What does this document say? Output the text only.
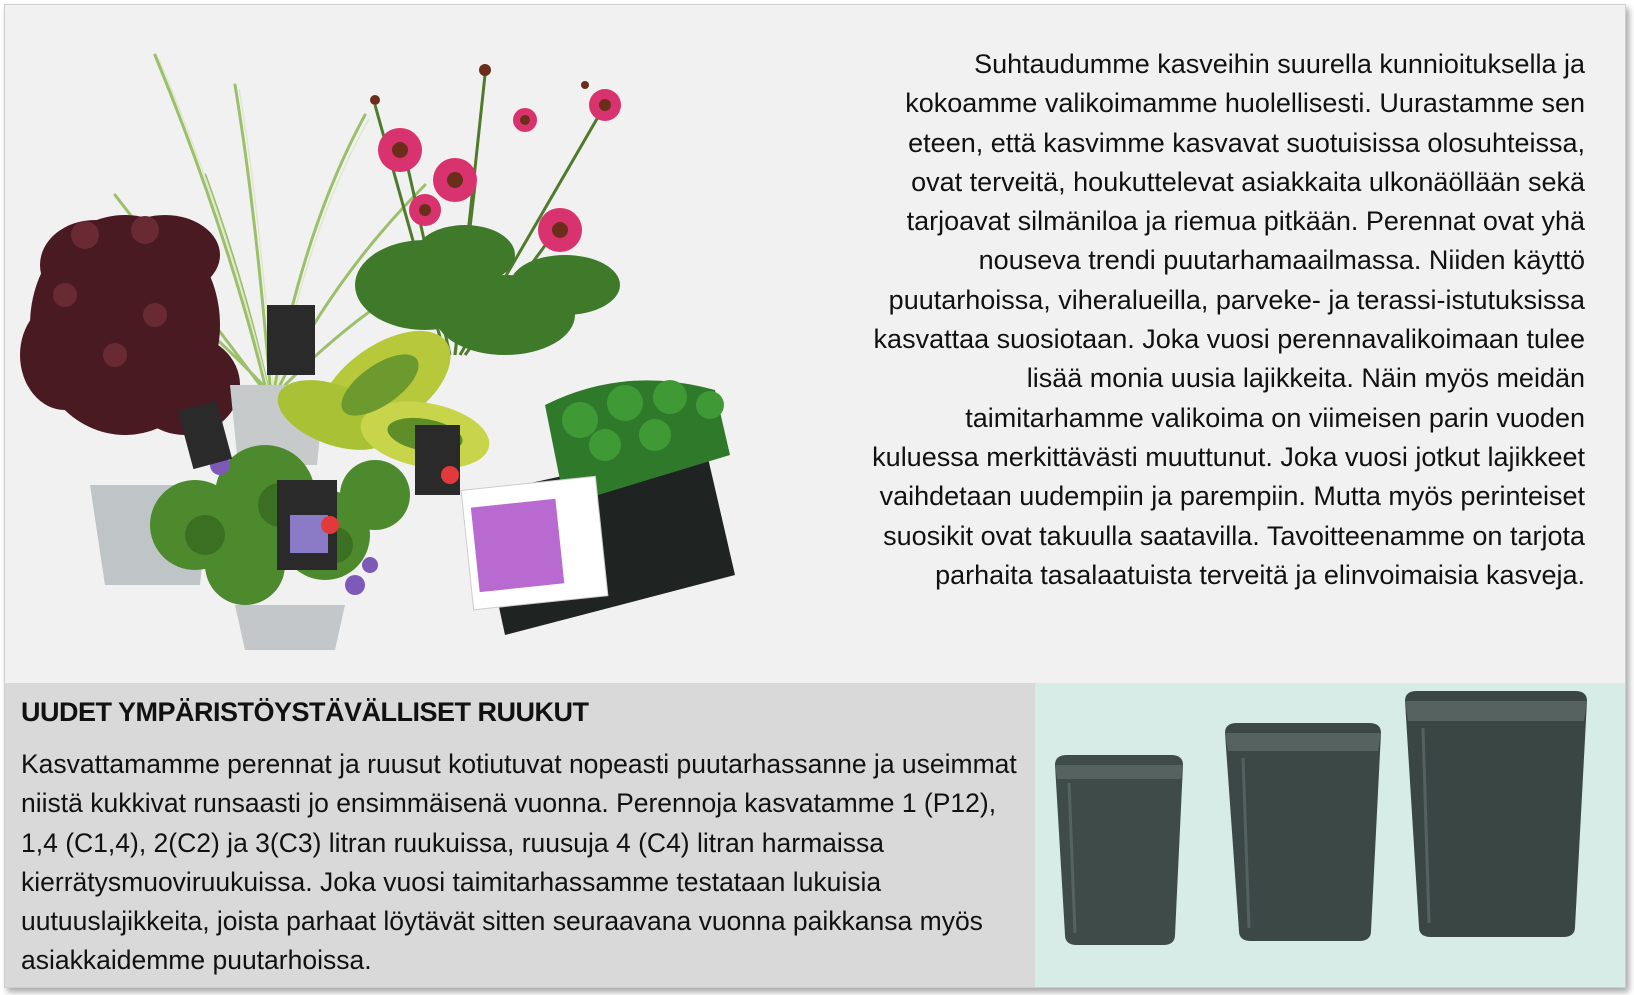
Suhtaudumme kasveihin suurella kunnioituksella ja kokoamme valikoimamme huolellisesti. Uurastamme sen eteen, että kasvimme kasvavat suotuisissa olosuhteissa, ovat terveitä, houkuttelevat asiakkaita ulkonäöllään sekä tarjoavat silmäniloa ja riemua pitkään. Perennat ovat yhä nouseva trendi puutarhamaailmassa. Niiden käyttö puutarhoissa, viheralueilla, parveke- ja terassi-istutuksissa kasvattaa suosiotaan. Joka vuosi perennavalikoimaan tulee lisää monia uusia lajikkeita. Näin myös meidän taimitarhamme valikoima on viimeisen parin vuoden kuluessa merkittävästi muuttunut. Joka vuosi jotkut lajikkeet vaihdetaan uudempiin ja parempiin. Mutta myös perinteiset suosikit ovat takuulla saatavilla. Tavoitteenamme on tarjota parhaita tasalaatuista terveitä ja elinvoimaisia kasveja.

UUDET YMPÄRISTÖYSTÄVÄLLISET RUUKUT

Kasvattamamme perennat ja ruusut kotiutuvat nopeasti puutarhassanne ja useimmat niistä kukkivat runsaasti jo ensimmäisenä vuonna. Perennoja kasvatamme 1 (P12), 1,4 (C1,4), 2(C2) ja 3(C3) litran ruukuissa, ruusuja 4 (C4) litran harmaissa kierrätysmuoviruukuissa. Joka vuosi taimitarhassamme testataan lukuisia uutuuslajikkeita, joista parhaat löytävät sitten seuraavana vuonna paikkansa myös asiakkaidemme puutarhoissa.
